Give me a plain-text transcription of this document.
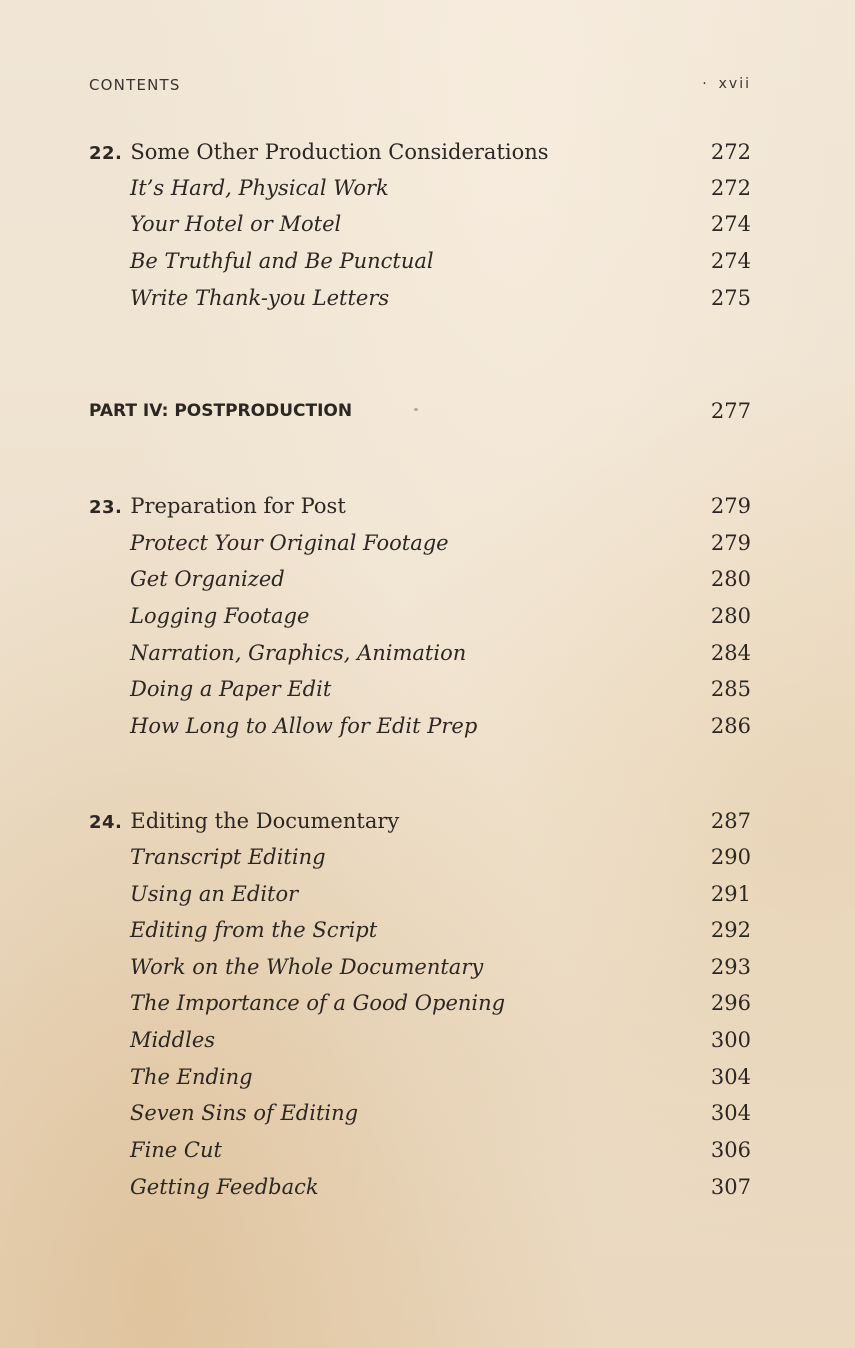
CONTENTS	· xvii
22. Some Other Production Considerations	272
It’s Hard, Physical Work	272
Your Hotel or Motel	274
Be Truthful and Be Punctual	274
Write Thank-you Letters	275
PART IV: POSTPRODUCTION	277
23. Preparation for Post	279
Protect Your Original Footage	279
Get Organized	280
Logging Footage	280
Narration, Graphics, Animation	284
Doing a Paper Edit	285
How Long to Allow for Edit Prep	286
24. Editing the Documentary	287
Transcript Editing	290
Using an Editor	291
Editing from the Script	292
Work on the Whole Documentary	293
The Importance of a Good Opening	296
Middles	300
The Ending	304
Seven Sins of Editing	304
Fine Cut	306
Getting Feedback	307
